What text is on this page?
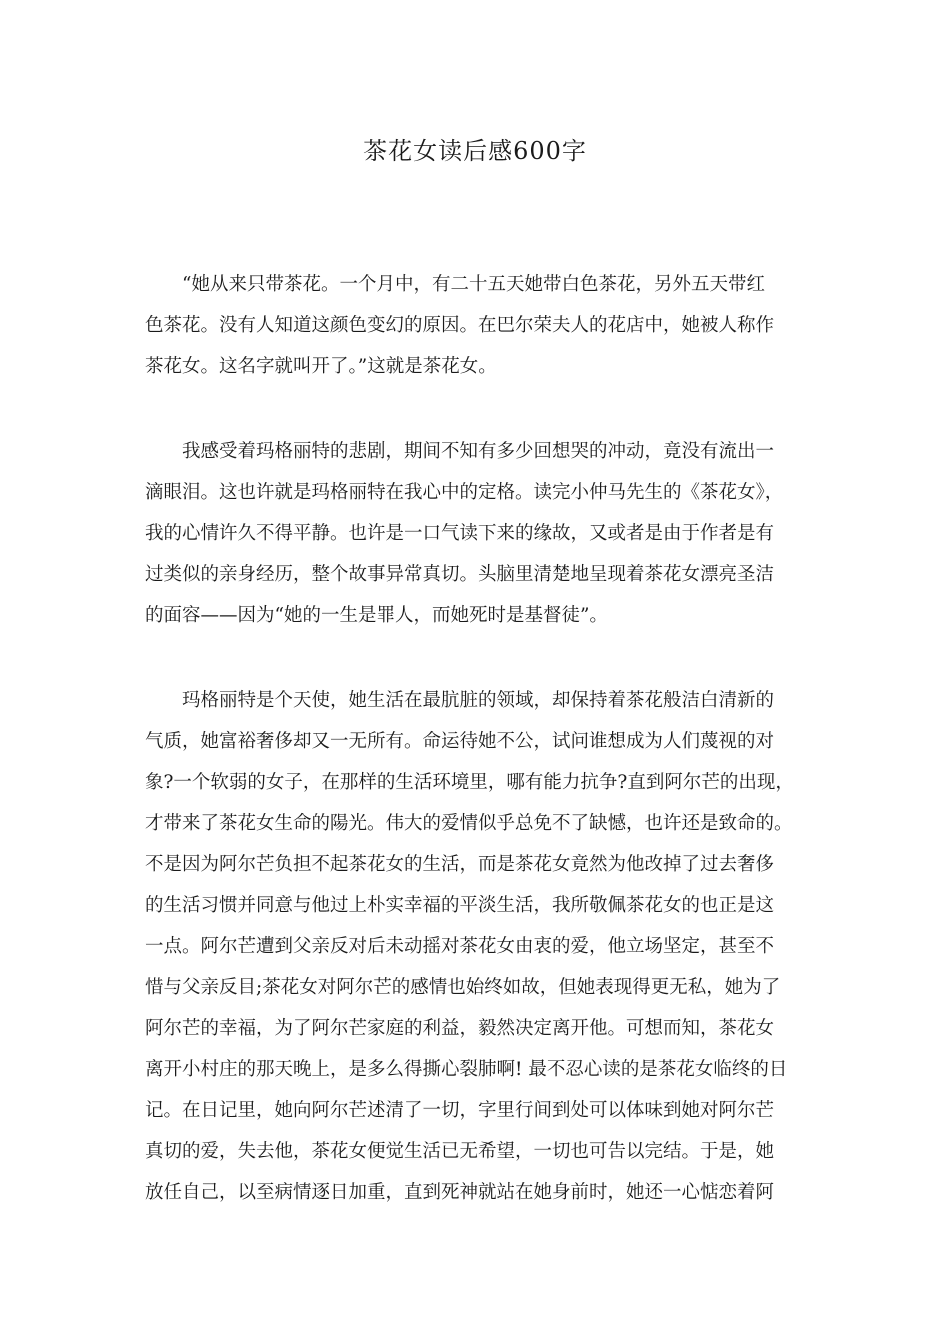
茶花女读后感600字

“她从来只带茶花。一个月中，有二十五天她带白色茶花，另外五天带红
色茶花。没有人知道这颜色变幻的原因。在巴尔荣夫人的花店中，她被人称作
茶花女。这名字就叫开了。”这就是茶花女。

我感受着玛格丽特的悲剧，期间不知有多少回想哭的冲动，竟没有流出一
滴眼泪。这也许就是玛格丽特在我心中的定格。读完小仲马先生的《茶花女》，
我的心情许久不得平静。也许是一口气读下来的缘故，又或者是由于作者是有
过类似的亲身经历，整个故事异常真切。头脑里清楚地呈现着茶花女漂亮圣洁
的面容——因为“她的一生是罪人，而她死时是基督徒”。

玛格丽特是个天使，她生活在最肮脏的领域，却保持着茶花般洁白清新的
气质，她富裕奢侈却又一无所有。命运待她不公，试问谁想成为人们蔑视的对
象?一个软弱的女子，在那样的生活环境里，哪有能力抗争?直到阿尔芒的出现，
才带来了茶花女生命的陽光。伟大的爱情似乎总免不了缺憾，也许还是致命的。
不是因为阿尔芒负担不起茶花女的生活，而是茶花女竟然为他改掉了过去奢侈
的生活习惯并同意与他过上朴实幸福的平淡生活，我所敬佩茶花女的也正是这
一点。阿尔芒遭到父亲反对后未动摇对茶花女由衷的爱，他立场坚定，甚至不
惜与父亲反目;茶花女对阿尔芒的感情也始终如故，但她表现得更无私，她为了
阿尔芒的幸福，为了阿尔芒家庭的利益，毅然决定离开他。可想而知，茶花女
离开小村庄的那天晚上，是多么得撕心裂肺啊! 最不忍心读的是茶花女临终的日
记。在日记里，她向阿尔芒述清了一切，字里行间到处可以体味到她对阿尔芒
真切的爱，失去他，茶花女便觉生活已无希望，一切也可告以完结。于是，她
放任自己，以至病情逐日加重，直到死神就站在她身前时，她还一心惦恋着阿
